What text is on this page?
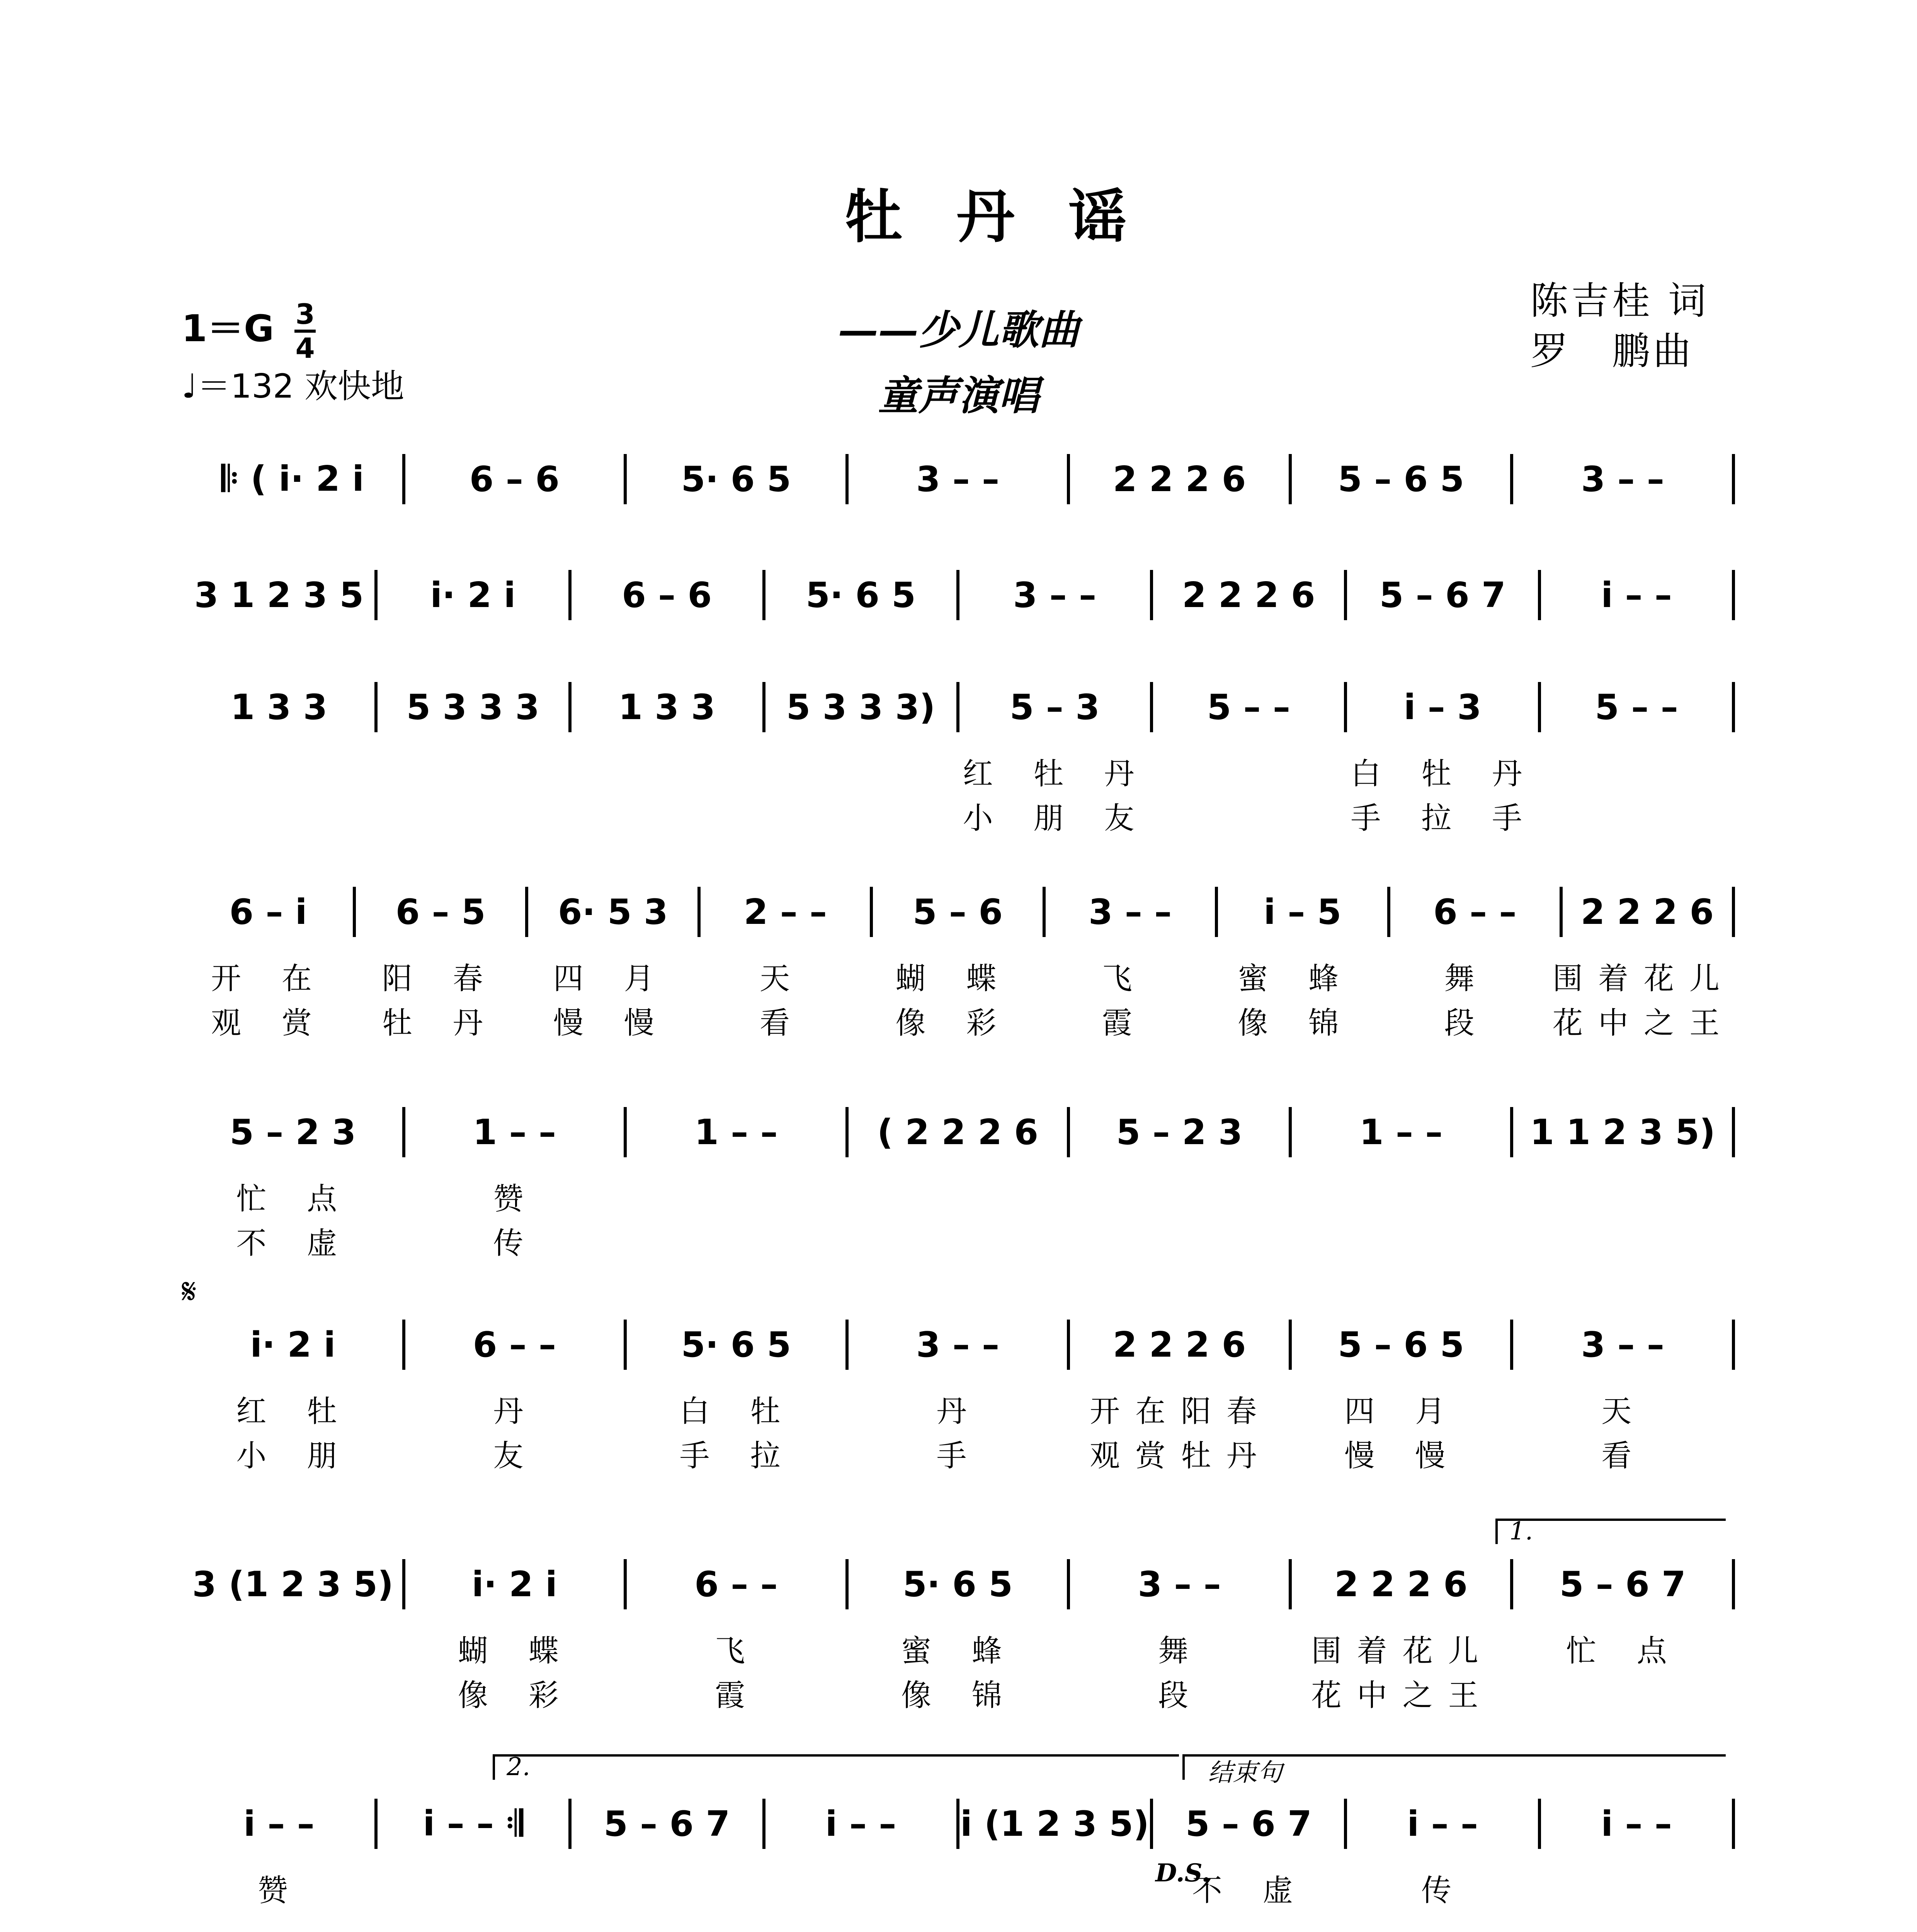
牡丹谣
1＝G 3
4
♩＝132 欢快地
——少儿歌曲
童声演唱
陈吉桂 词
罗　鹏曲
𝄆 ( i· 2 i	6 – 6	5· 6 5	3 – –	2 2 2 6	5 – 6 5	3 – –
3 1 2 3 5	i· 2 i	6 – 6	5· 6 5	3 – –	2 2 2 6	5 – 6 7	i – –
1 3 3	5 3 3 3	1 3 3	5 3 3 3)	5 – 3	5 – –	i – 3	5 – –
红 牡 丹	白 牡 丹
小 朋 友	手 拉 手
6 – i	6 – 5	6· 5 3	2 – –	5 – 6	3 – –	i – 5	6 – –	2 2 2 6
开 在	阳 春	四 月	天	蝴 蝶	飞	蜜 蜂	舞	围着花儿
观 赏	牡 丹	慢 慢	看	像 彩	霞	像 锦	段	花中之王
5 – 2 3	1 – –	1 – –	( 2 2 2 6	5 – 2 3	1 – –	1 1 2 3 5)
忙 点	赞
不 虚	传
i· 2 i	6 – –	5· 6 5	3 – –	2 2 2 6	5 – 6 5	3 – –
红 牡	丹	白 牡	丹	开在阳春	四 月	天
小 朋	友	手 拉	手	观赏牡丹	慢 慢	看
3 (1 2 3 5)	i· 2 i	6 – –	5· 6 5	3 – –	2 2 2 6	5 – 6 7
蝴 蝶	飞	蜜 蜂	舞	围着花儿	忙 点
像 彩	霞	像 锦	段	花中之王
i – –	i – – 𝄇	5 – 6 7	i – –	i (1 2 3 5)	5 – 6 7	i – –	i – –
赞	不 虚	传
𝄋
1.
2.	结束句
D.S.
